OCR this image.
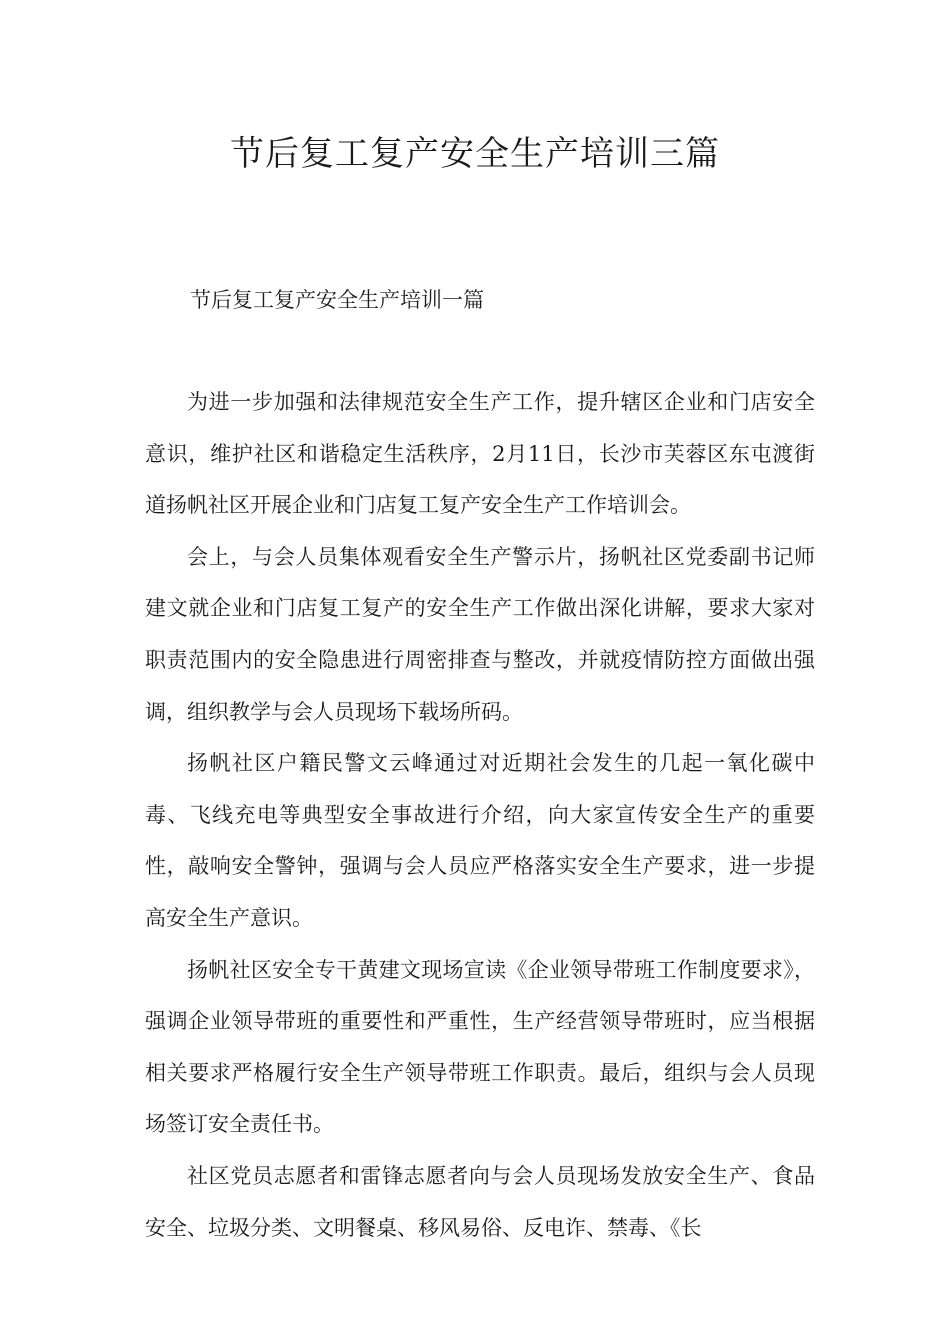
节后复工复产安全生产培训三篇
节后复工复产安全生产培训一篇

为进一步加强和法律规范安全生产工作，提升辖区企业和门店安全意识，维护社区和谐稳定生活秩序，2月11日，长沙市芙蓉区东屯渡街道扬帆社区开展企业和门店复工复产安全生产工作培训会。

会上，与会人员集体观看安全生产警示片，扬帆社区党委副书记师建文就企业和门店复工复产的安全生产工作做出深化讲解，要求大家对职责范围内的安全隐患进行周密排查与整改，并就疫情防控方面做出强调，组织教学与会人员现场下载场所码。

扬帆社区户籍民警文云峰通过对近期社会发生的几起一氧化碳中毒、飞线充电等典型安全事故进行介绍，向大家宣传安全生产的重要性，敲响安全警钟，强调与会人员应严格落实安全生产要求，进一步提高安全生产意识。

扬帆社区安全专干黄建文现场宣读《企业领导带班工作制度要求》，强调企业领导带班的重要性和严重性，生产经营领导带班时，应当根据相关要求严格履行安全生产领导带班工作职责。最后，组织与会人员现场签订安全责任书。

社区党员志愿者和雷锋志愿者向与会人员现场发放安全生产、食品安全、垃圾分类、文明餐桌、移风易俗、反电诈、禁毒、《长
